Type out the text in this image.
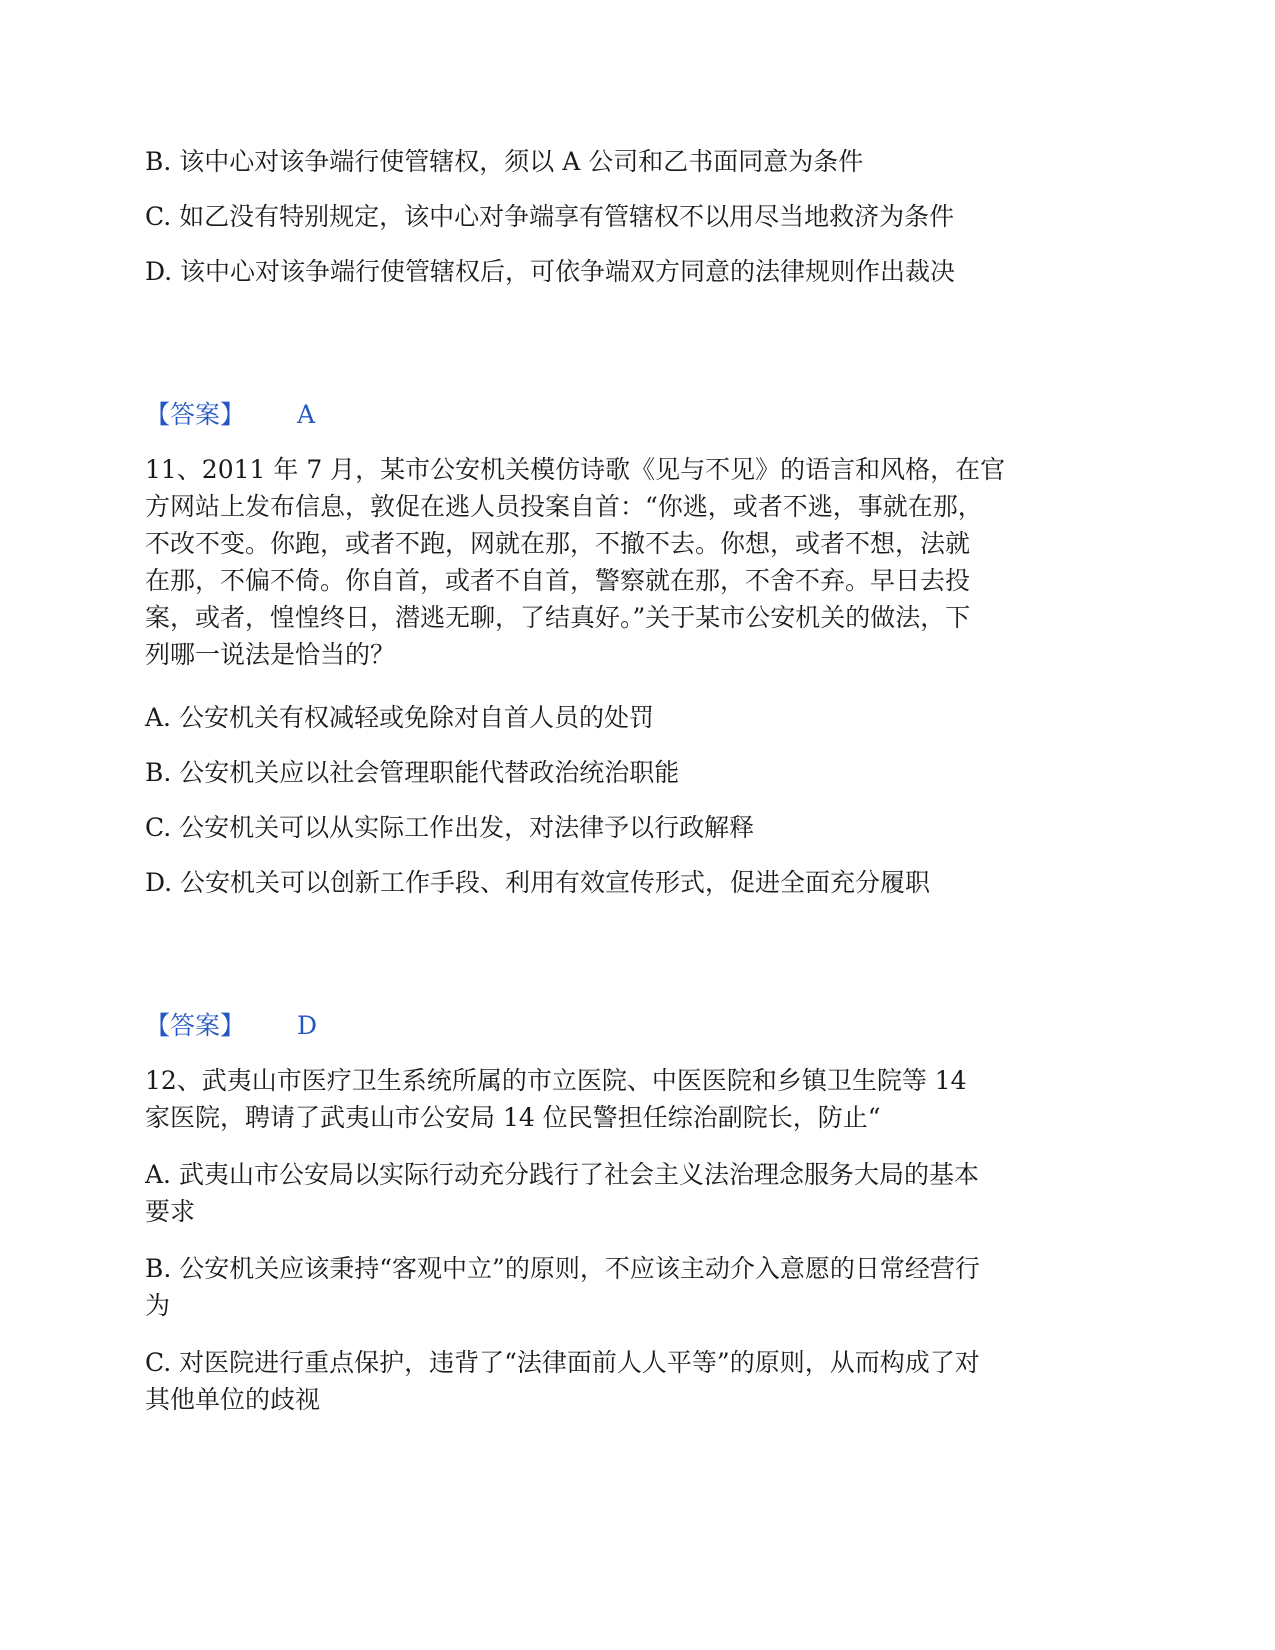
B. 该中心对该争端行使管辖权，须以 A 公司和乙书面同意为条件
C. 如乙没有特别规定，该中心对争端享有管辖权不以用尽当地救济为条件
D. 该中心对该争端行使管辖权后，可依争端双方同意的法律规则作出裁决
【答案】 A
11、2011 年 7 月，某市公安机关模仿诗歌《见与不见》的语言和风格，在官
方网站上发布信息，敦促在逃人员投案自首：“你逃，或者不逃，事就在那，
不改不变。你跑，或者不跑，网就在那，不撤不去。你想，或者不想，法就
在那，不偏不倚。你自首，或者不自首，警察就在那，不舍不弃。早日去投
案，或者，惶惶终日，潜逃无聊，了结真好。”关于某市公安机关的做法，下
列哪一说法是恰当的？
A. 公安机关有权减轻或免除对自首人员的处罚
B. 公安机关应以社会管理职能代替政治统治职能
C. 公安机关可以从实际工作出发，对法律予以行政解释
D. 公安机关可以创新工作手段、利用有效宣传形式，促进全面充分履职
【答案】 D
12、武夷山市医疗卫生系统所属的市立医院、中医医院和乡镇卫生院等 14
家医院，聘请了武夷山市公安局 14 位民警担任综治副院长，防止“
A. 武夷山市公安局以实际行动充分践行了社会主义法治理念服务大局的基本
要求
B. 公安机关应该秉持“客观中立”的原则，不应该主动介入意愿的日常经营行
为
C. 对医院进行重点保护，违背了“法律面前人人平等”的原则，从而构成了对
其他单位的歧视
